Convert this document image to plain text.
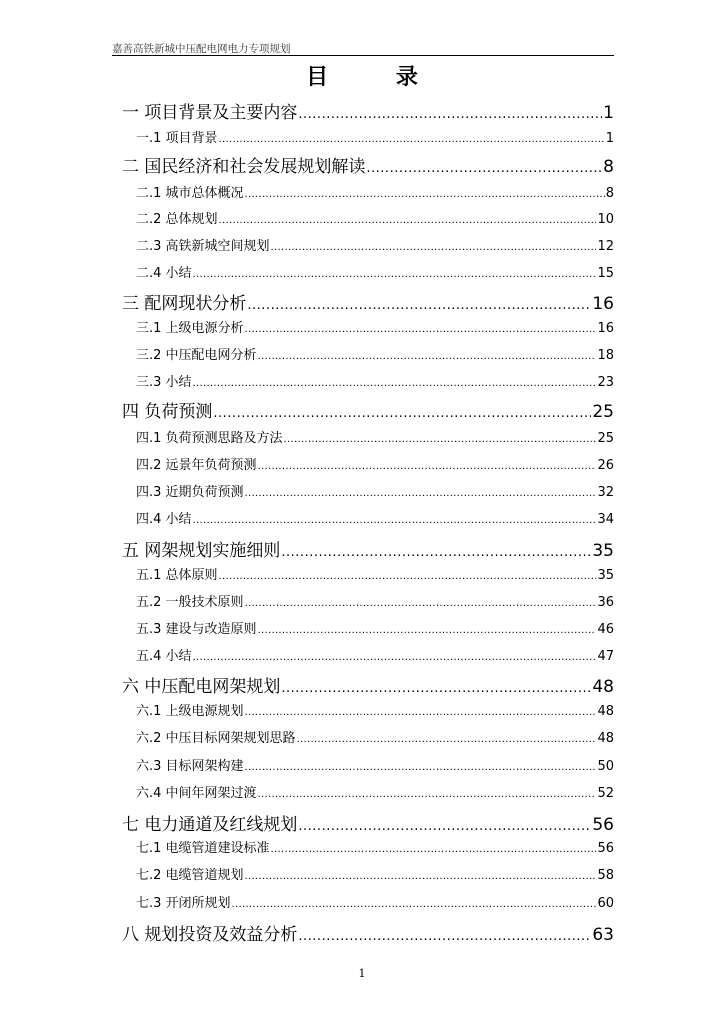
嘉善高铁新城中压配电网电力专项规划
目 录
一 项目背景及主要内容 .....	1
一.1 项目背景 .....	1
二 国民经济和社会发展规划解读 .....	8
二.1 城市总体概况 .....	8
二.2 总体规划 .....	10
二.3 高铁新城空间规划 .....	12
二.4 小结 .....	15
三 配网现状分析 .....	16
三.1 上级电源分析 .....	16
三.2 中压配电网分析 .....	18
三.3 小结 .....	23
四 负荷预测 .....	25
四.1 负荷预测思路及方法 .....	25
四.2 远景年负荷预测 .....	26
四.3 近期负荷预测 .....	32
四.4 小结 .....	34
五 网架规划实施细则 .....	35
五.1 总体原则 .....	35
五.2 一般技术原则 .....	36
五.3 建设与改造原则 .....	46
五.4 小结 .....	47
六 中压配电网架规划 .....	48
六.1 上级电源规划 .....	48
六.2 中压目标网架规划思路 .....	48
六.3 目标网架构建 .....	50
六.4 中间年网架过渡 .....	52
七 电力通道及红线规划 .....	56
七.1 电缆管道建设标准 .....	56
七.2 电缆管道规划 .....	58
七.3 开闭所规划 .....	60
八 规划投资及效益分析 .....	63
1
